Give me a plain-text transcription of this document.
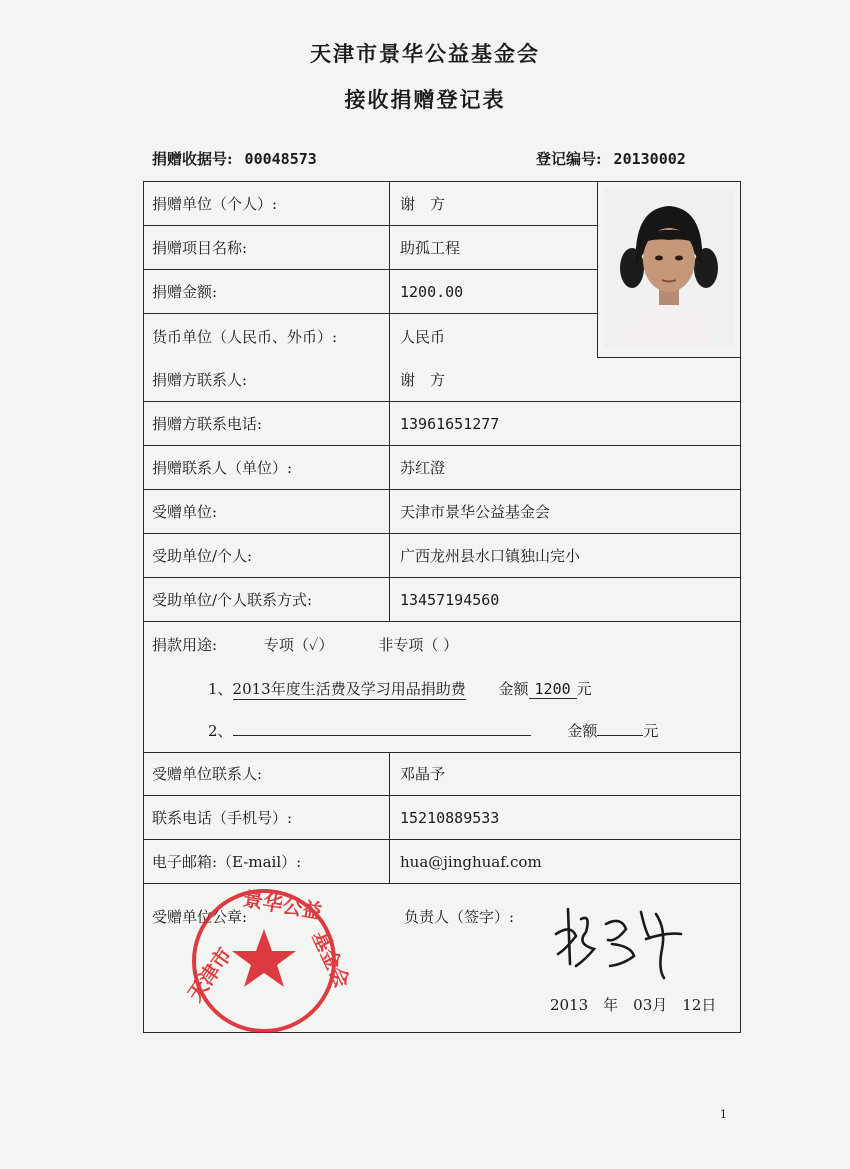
天津市景华公益基金会
接收捐赠登记表
捐赠收据号: 00048573	登记编号: 20130002
捐赠单位（个人）:	谢　方
捐赠项目名称:	助孤工程
捐赠金额:	1200.00
货币单位（人民币、外币）:	人民币
捐赠方联系人:	谢　方
捐赠方联系电话:	13961651277
捐赠联系人（单位）:	苏红澄
受赠单位:	天津市景华公益基金会
受助单位/个人:	广西龙州县水口镇独山完小
受助单位/个人联系方式:	13457194560
捐款用途:	专项（✓）	非专项（ ）
1、2013年度生活费及学习用品捐助费 金额 1200 元
2、	金额	元
受赠单位联系人:	邓晶予
联系电话（手机号）:	15210889533
电子邮箱:（E-mail）:	hua@jinghuaf.com
受赠单位公章:	负责人（签字）:
天津市
景华公益
基金会
2013　年　03月　12日
1
